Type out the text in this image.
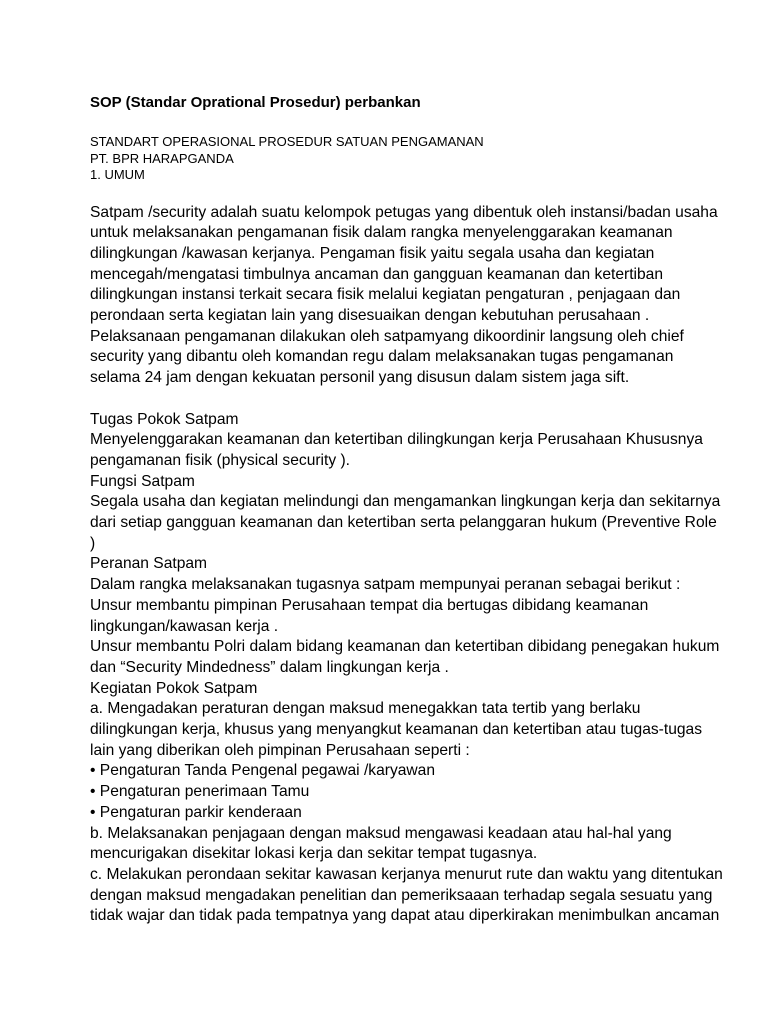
SOP (Standar Oprational Prosedur) perbankan
STANDART OPERASIONAL PROSEDUR SATUAN PENGAMANAN
PT. BPR HARAPGANDA
1. UMUM
Satpam /security adalah suatu kelompok petugas yang dibentuk oleh instansi/badan usaha
untuk melaksanakan pengamanan fisik dalam rangka menyelenggarakan keamanan
dilingkungan /kawasan kerjanya. Pengaman fisik yaitu segala usaha dan kegiatan
mencegah/mengatasi timbulnya ancaman dan gangguan keamanan dan ketertiban
dilingkungan instansi terkait secara fisik melalui kegiatan pengaturan , penjagaan dan
perondaan serta kegiatan lain yang disesuaikan dengan kebutuhan perusahaan .
Pelaksanaan pengamanan dilakukan oleh satpamyang dikoordinir langsung oleh chief
security yang dibantu oleh komandan regu dalam melaksanakan tugas pengamanan
selama 24 jam dengan kekuatan personil yang disusun dalam sistem jaga sift.
Tugas Pokok Satpam
Menyelenggarakan keamanan dan ketertiban dilingkungan kerja Perusahaan Khususnya
pengamanan fisik (physical security ).
Fungsi Satpam
Segala usaha dan kegiatan melindungi dan mengamankan lingkungan kerja dan sekitarnya
dari setiap gangguan keamanan dan ketertiban serta pelanggaran hukum (Preventive Role
)
Peranan Satpam
Dalam rangka melaksanakan tugasnya satpam mempunyai peranan sebagai berikut :
Unsur membantu pimpinan Perusahaan tempat dia bertugas dibidang keamanan
lingkungan/kawasan kerja .
Unsur membantu Polri dalam bidang keamanan dan ketertiban dibidang penegakan hukum
dan “Security Mindedness” dalam lingkungan kerja .
Kegiatan Pokok Satpam
a. Mengadakan peraturan dengan maksud menegakkan tata tertib yang berlaku
dilingkungan kerja, khusus yang menyangkut keamanan dan ketertiban atau tugas-tugas
lain yang diberikan oleh pimpinan Perusahaan seperti :
• Pengaturan Tanda Pengenal pegawai /karyawan
• Pengaturan penerimaan Tamu
• Pengaturan parkir kenderaan
b. Melaksanakan penjagaan dengan maksud mengawasi keadaan atau hal-hal yang
mencurigakan disekitar lokasi kerja dan sekitar tempat tugasnya.
c. Melakukan perondaan sekitar kawasan kerjanya menurut rute dan waktu yang ditentukan
dengan maksud mengadakan penelitian dan pemeriksaaan terhadap segala sesuatu yang
tidak wajar dan tidak pada tempatnya yang dapat atau diperkirakan menimbulkan ancaman
